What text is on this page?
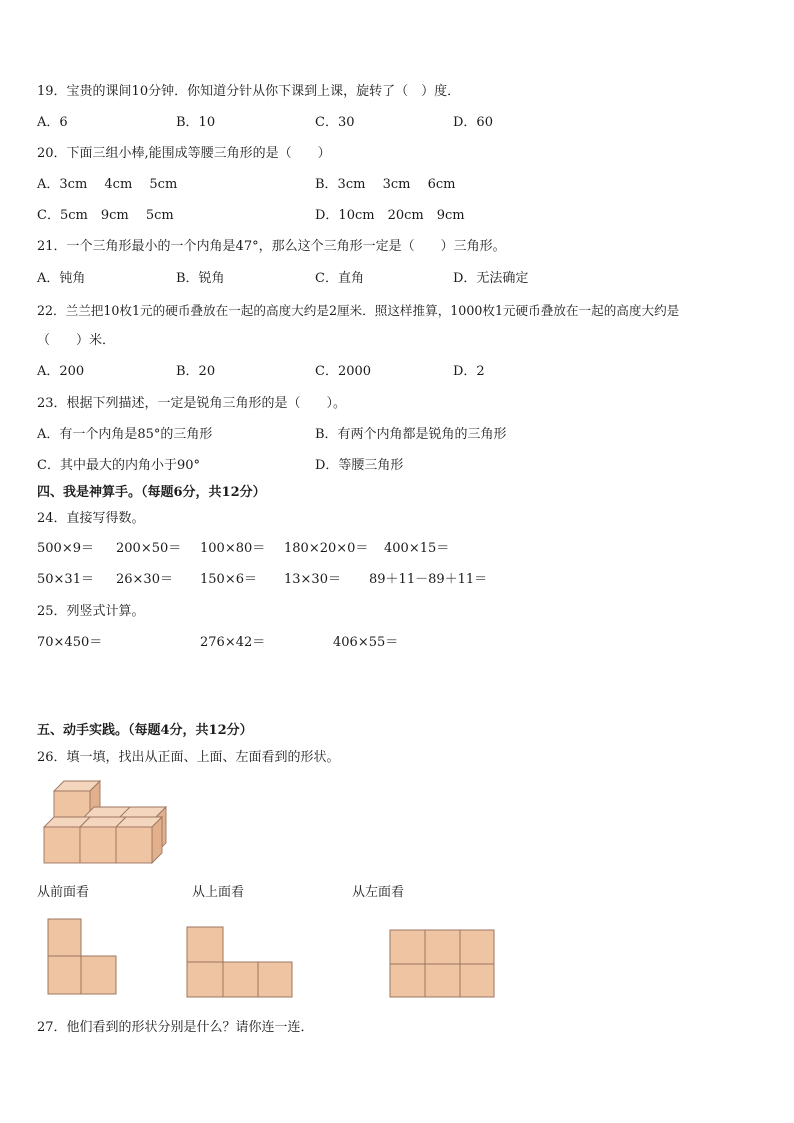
19．宝贵的课间10分钟．你知道分针从你下课到上课，旋转了（　）度．
A．6	B．10	C．30	D．60
20．下面三组小棒,能围成等腰三角形的是（　　）
A．3cm　 4cm　 5cm	B．3cm　 3cm　 6cm
C．5cm　9cm　 5cm	D．10cm　20cm　9cm
21．一个三角形最小的一个内角是47°，那么这个三角形一定是（　　）三角形。
A．钝角	B．锐角	C．直角	D．无法确定
22．兰兰把10枚1元的硬币叠放在一起的高度大约是2厘米．照这样推算，1000枚1元硬币叠放在一起的高度大约是
（　　）米．
A．200	B．20	C．2000	D．2
23．根据下列描述，一定是锐角三角形的是（　　）。
A．有一个内角是85°的三角形	B．有两个内角都是锐角的三角形
C．其中最大的内角小于90°	D．等腰三角形
四、我是神算手。（每题6分，共12分）
24．直接写得数。
500×9＝ 200×50＝ 100×80＝ 180×20×0＝ 400×15＝
50×31＝ 26×30＝ 150×6＝ 13×30＝ 89＋11－89＋11＝
25．列竖式计算。
70×450＝	276×42＝	406×55＝
五、动手实践。（每题4分，共12分）
26．填一填，找出从正面、上面、左面看到的形状。
从前面看	从上面看	从左面看
27．他们看到的形状分别是什么？请你连一连．
